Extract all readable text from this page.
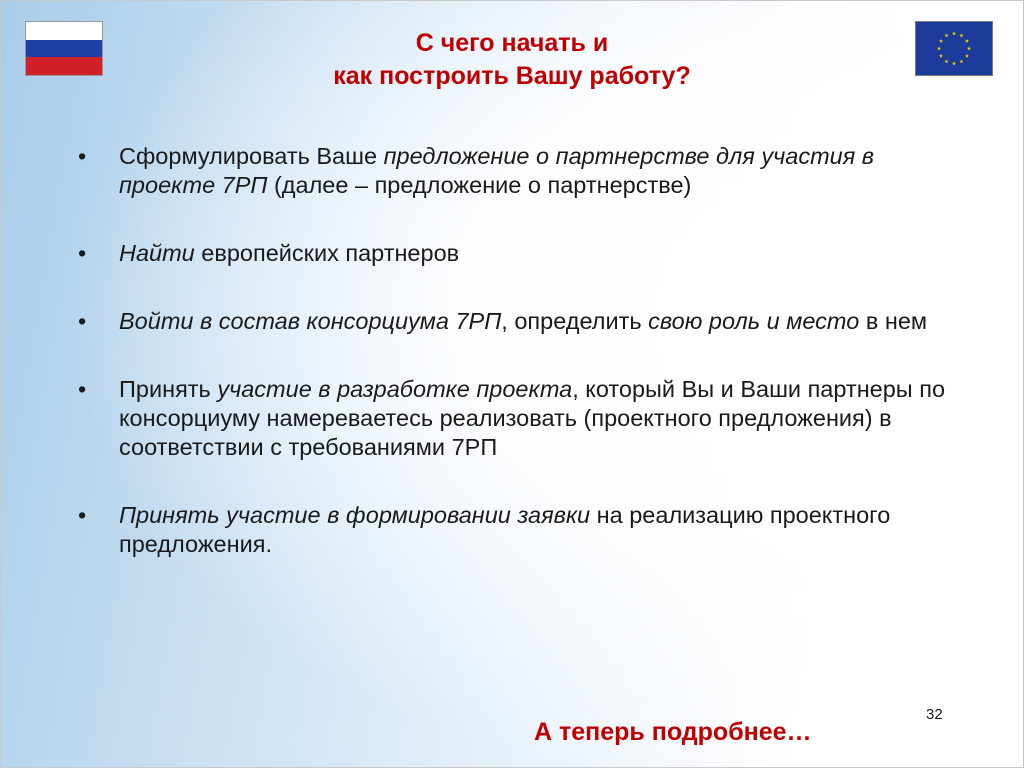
С чего начать и
как построить Вашу работу?
• Сформулировать Ваше предложение о партнерстве для участия в проекте 7РП (далее – предложение о партнерстве)
• Найти европейских партнеров
• Войти в состав консорциума 7РП, определить свою роль и место в нем
• Принять участие в разработке проекта, который Вы и Ваши партнеры по консорциуму намереваетесь реализовать (проектного предложения) в соответствии с требованиями 7РП
• Принять участие в формировании заявки на реализацию проектного предложения.
32
А теперь подробнее…
